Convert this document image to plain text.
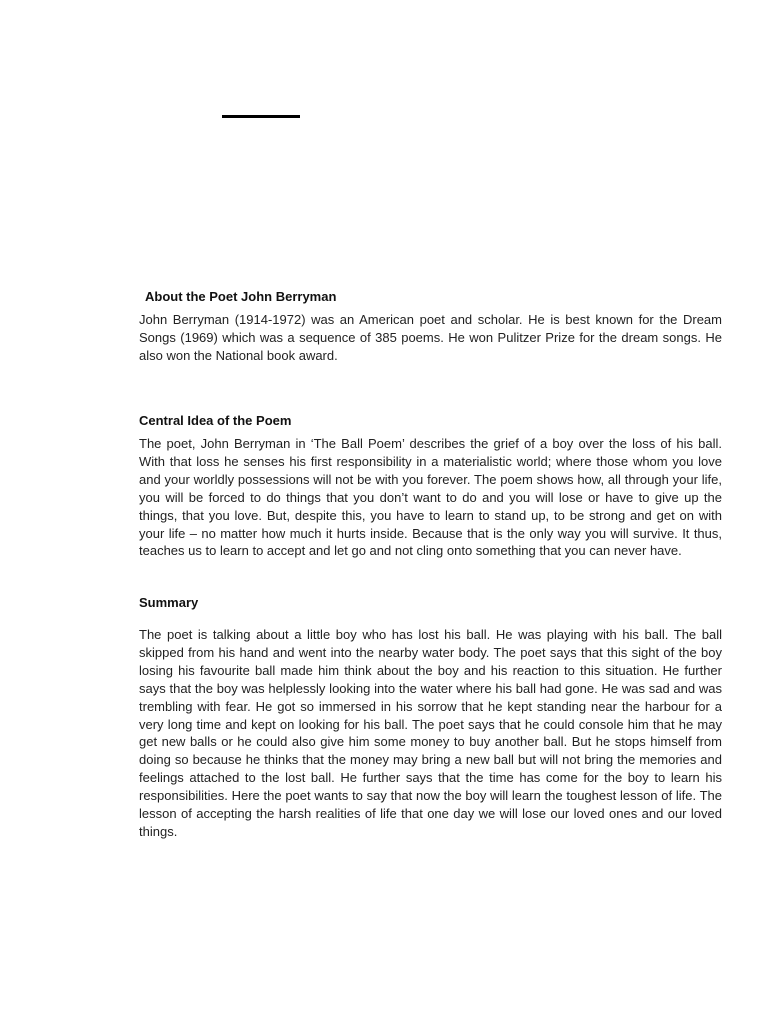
About the Poet John Berryman

John Berryman (1914-1972) was an American poet and scholar. He is best known for the Dream Songs (1969) which was a sequence of 385 poems. He won Pulitzer Prize for the dream songs. He also won the National book award.

Central Idea of the Poem

The poet, John Berryman in ‘The Ball Poem’ describes the grief of a boy over the loss of his ball. With that loss he senses his first responsibility in a materialistic world; where those whom you love and your worldly possessions will not be with you forever. The poem shows how, all through your life, you will be forced to do things that you don’t want to do and you will lose or have to give up the things, that you love. But, despite this, you have to learn to stand up, to be strong and get on with your life – no matter how much it hurts inside. Because that is the only way you will survive. It thus, teaches us to learn to accept and let go and not cling onto something that you can never have.

Summary

The poet is talking about a little boy who has lost his ball. He was playing with his ball. The ball skipped from his hand and went into the nearby water body. The poet says that this sight of the boy losing his favourite ball made him think about the boy and his reaction to this situation. He further says that the boy was helplessly looking into the water where his ball had gone. He was sad and was trembling with fear. He got so immersed in his sorrow that he kept standing near the harbour for a very long time and kept on looking for his ball. The poet says that he could console him that he may get new balls or he could also give him some money to buy another ball. But he stops himself from doing so because he thinks that the money may bring a new ball but will not bring the memories and feelings attached to the lost ball. He further says that the time has come for the boy to learn his responsibilities. Here the poet wants to say that now the boy will learn the toughest lesson of life. The lesson of accepting the harsh realities of life that one day we will lose our loved ones and our loved things.
